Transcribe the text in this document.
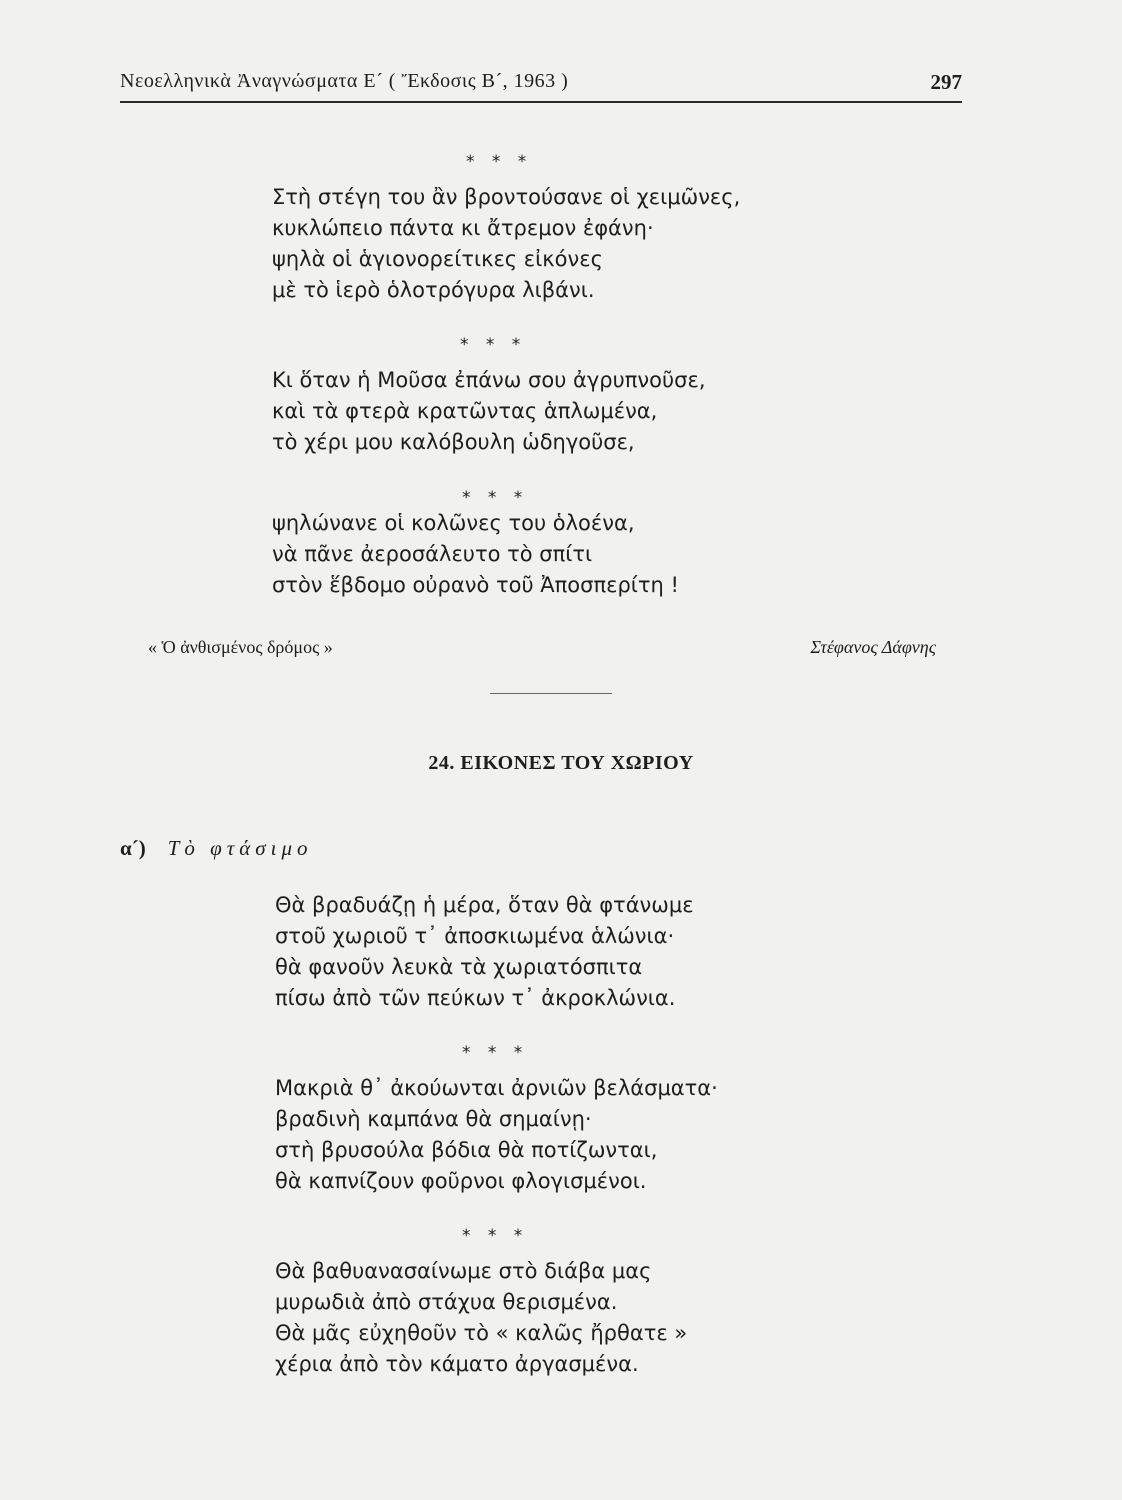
Νεοελληνικὰ Ἀναγνώσματα Ε´ ( Ἔκδοσις Β´, 1963 )	297
* * *
Στὴ στέγη του ἂν βροντούσανε οἱ χειμῶνες,
κυκλώπειο πάντα κι ἄτρεμον ἐφάνη·
ψηλὰ οἱ ἁγιονορείτικες εἰκόνες
μὲ τὸ ἱερὸ ὁλοτρόγυρα λιβάνι.
* * *
Κι ὅταν ἡ Μοῦσα ἐπάνω σου ἀγρυπνοῦσε,
καὶ τὰ φτερὰ κρατῶντας ἁπλωμένα,
τὸ χέρι μου καλόβουλη ὡδηγοῦσε,
* * *
ψηλώνανε οἱ κολῶνες του ὁλοένα,
νὰ πᾶνε ἀεροσάλευτο τὸ σπίτι
στὸν ἕβδομο οὐρανὸ τοῦ Ἀποσπερίτη !
« Ὁ ἀνθισμένος δρόμος »	Στέφανος Δάφνης
24. ΕΙΚΟΝΕΣ ΤΟΥ ΧΩΡΙΟΥ
α´) Τὸ φτάσιμο
Θὰ βραδυάζῃ ἡ μέρα, ὅταν θὰ φτάνωμε
στοῦ χωριοῦ τ᾽ ἀποσκιωμένα ἁλώνια·
θὰ φανοῦν λευκὰ τὰ χωριατόσπιτα
πίσω ἀπὸ τῶν πεύκων τ᾽ ἀκροκλώνια.
* * *
Μακριὰ θ᾽ ἀκούωνται ἀρνιῶν βελάσματα·
βραδινὴ καμπάνα θὰ σημαίνῃ·
στὴ βρυσούλα βόδια θὰ ποτίζωνται,
θὰ καπνίζουν φοῦρνοι φλογισμένοι.
* * *
Θὰ βαθυανασαίνωμε στὸ διάβα μας
μυρωδιὰ ἀπὸ στάχυα θερισμένα.
Θὰ μᾶς εὐχηθοῦν τὸ « καλῶς ἤρθατε »
χέρια ἀπὸ τὸν κάματο ἀργασμένα.
